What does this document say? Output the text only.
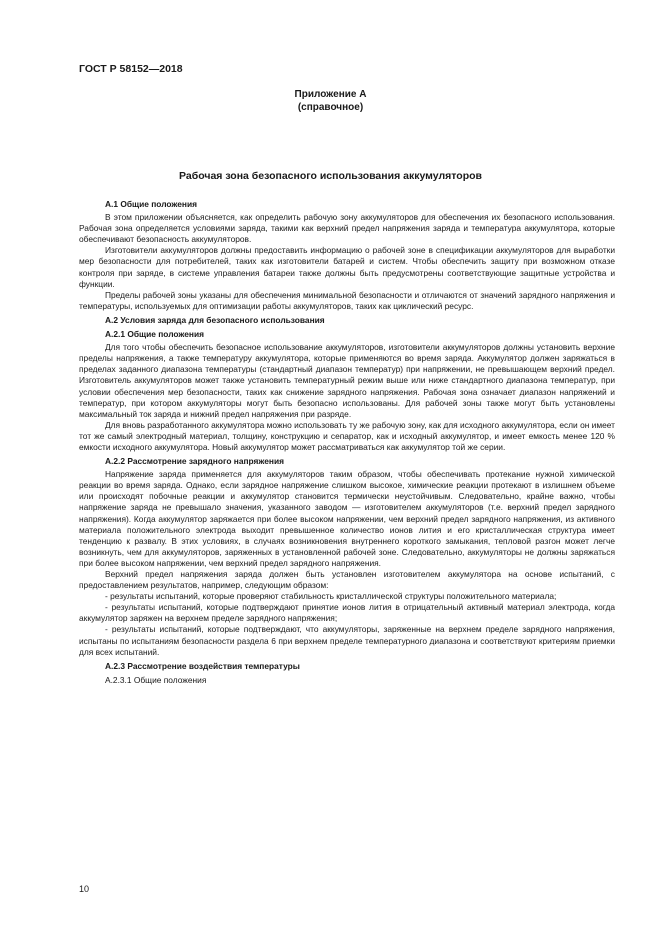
ГОСТ Р 58152—2018
Приложение А
(справочное)
Рабочая зона безопасного использования аккумуляторов
А.1 Общие положения

В этом приложении объясняется, как определить рабочую зону аккумуляторов для обеспечения их безопасного использования. Рабочая зона определяется условиями заряда, такими как верхний предел напряжения заряда и температура аккумулятора, которые обеспечивают безопасность аккумуляторов.

Изготовители аккумуляторов должны предоставить информацию о рабочей зоне в спецификации аккумуляторов для выработки мер безопасности для потребителей, таких как изготовители батарей и систем. Чтобы обеспечить защиту при возможном отказе контроля при заряде, в системе управления батареи также должны быть предусмотрены соответствующие защитные устройства и функции.

Пределы рабочей зоны указаны для обеспечения минимальной безопасности и отличаются от значений зарядного напряжения и температуры, используемых для оптимизации работы аккумуляторов, таких как циклический ресурс.

А.2 Условия заряда для безопасного использования
А.2.1 Общие положения

Для того чтобы обеспечить безопасное использование аккумуляторов, изготовители аккумуляторов должны установить верхние пределы напряжения, а также температуру аккумулятора, которые применяются во время заряда. Аккумулятор должен заряжаться в пределах заданного диапазона температуры (стандартный диапазон температур) при напряжении, не превышающем верхний предел. Изготовитель аккумуляторов может также установить температурный режим выше или ниже стандартного диапазона температур, при условии обеспечения мер безопасности, таких как снижение зарядного напряжения. Рабочая зона означает диапазон напряжений и температур, при котором аккумуляторы могут быть безопасно использованы. Для рабочей зоны также могут быть установлены максимальный ток заряда и нижний предел напряжения при разряде.

Для вновь разработанного аккумулятора можно использовать ту же рабочую зону, как для исходного аккумулятора, если он имеет тот же самый электродный материал, толщину, конструкцию и сепаратор, как и исходный аккумулятор, и имеет емкость менее 120 % емкости исходного аккумулятора. Новый аккумулятор может рассматриваться как аккумулятор той же серии.

А.2.2 Рассмотрение зарядного напряжения

Напряжение заряда применяется для аккумуляторов таким образом, чтобы обеспечивать протекание нужной химической реакции во время заряда. Однако, если зарядное напряжение слишком высокое, химические реакции протекают в излишнем объеме или происходят побочные реакции и аккумулятор становится термически неустойчивым. Следовательно, крайне важно, чтобы напряжение заряда не превышало значения, указанного заводом — изготовителем аккумуляторов (т.е. верхний предел зарядного напряжения). Когда аккумулятор заряжается при более высоком напряжении, чем верхний предел зарядного напряжения, из активного материала положительного электрода выходит превышенное количество ионов лития и его кристаллическая структура имеет тенденцию к развалу. В этих условиях, в случаях возникновения внутреннего короткого замыкания, тепловой разгон может легче возникнуть, чем для аккумуляторов, заряженных в установленной рабочей зоне. Следовательно, аккумуляторы не должны заряжаться при более высоком напряжении, чем верхний предел зарядного напряжения.

Верхний предел напряжения заряда должен быть установлен изготовителем аккумулятора на основе испытаний, с предоставлением результатов, например, следующим образом:

- результаты испытаний, которые проверяют стабильность кристаллической структуры положительного материала;

- результаты испытаний, которые подтверждают принятие ионов лития в отрицательный активный материал электрода, когда аккумулятор заряжен на верхнем пределе зарядного напряжения;

- результаты испытаний, которые подтверждают, что аккумуляторы, заряженные на верхнем пределе зарядного напряжения, испытаны по испытаниям безопасности раздела 6 при верхнем пределе температурного диапазона и соответствуют критериям приемки для всех испытаний.

А.2.3 Рассмотрение воздействия температуры
А.2.3.1 Общие положения
10
